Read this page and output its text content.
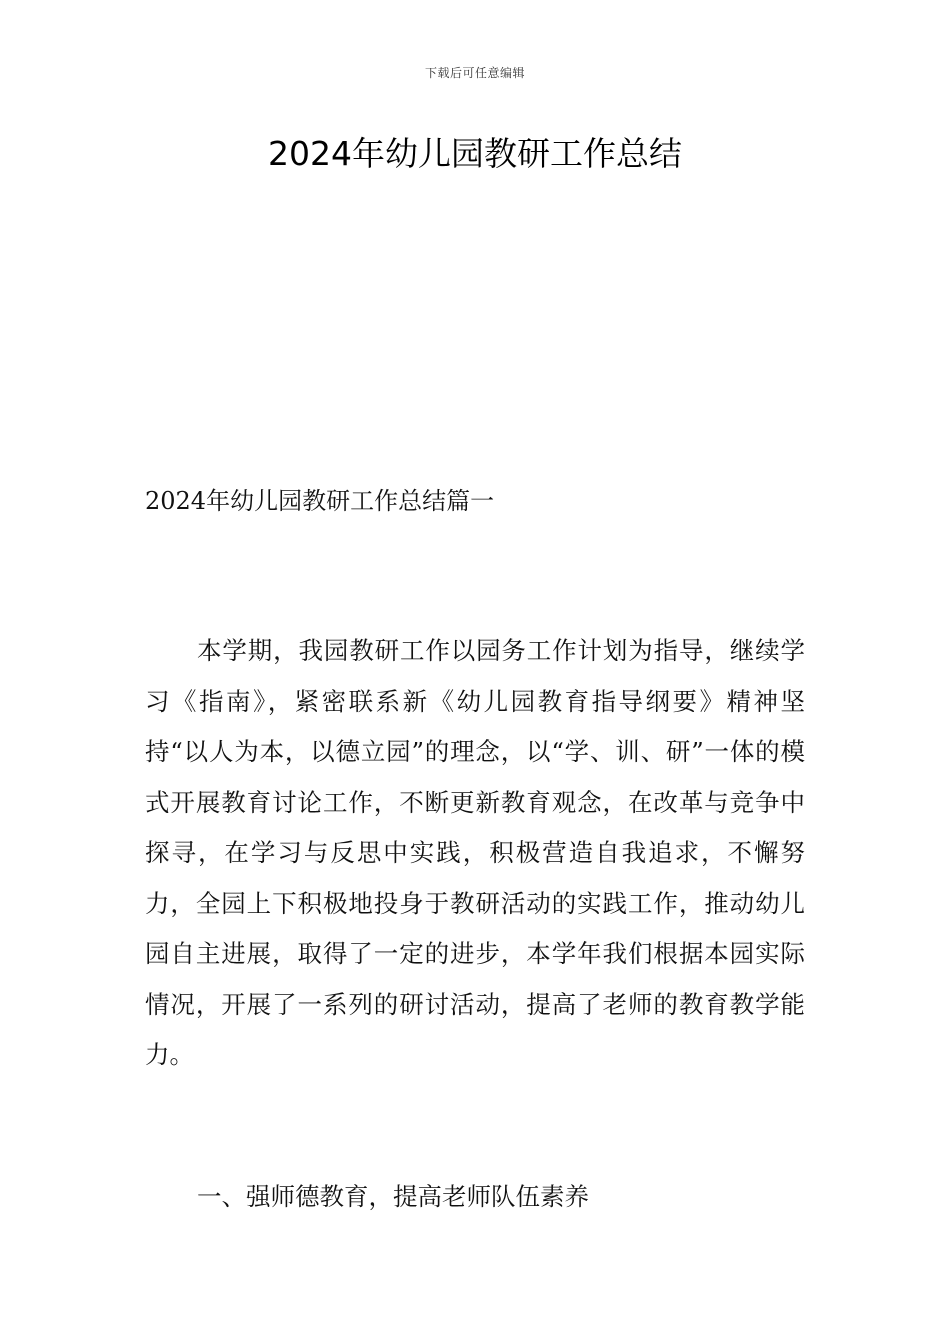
下载后可任意编辑
2024年幼儿园教研工作总结

2024年幼儿园教研工作总结篇一

本学期，我园教研工作以园务工作计划为指导，继续学习《指南》，紧密联系新《幼儿园教育指导纲要》精神坚持“以人为本，以德立园”的理念，以“学、训、研”一体的模式开展教育讨论工作，不断更新教育观念，在改革与竞争中探寻，在学习与反思中实践，积极营造自我追求，不懈努力，全园上下积极地投身于教研活动的实践工作，推动幼儿园自主进展，取得了一定的进步，本学年我们根据本园实际情况，开展了一系列的研讨活动，提高了老师的教育教学能力。

一、强师德教育，提高老师队伍素养
